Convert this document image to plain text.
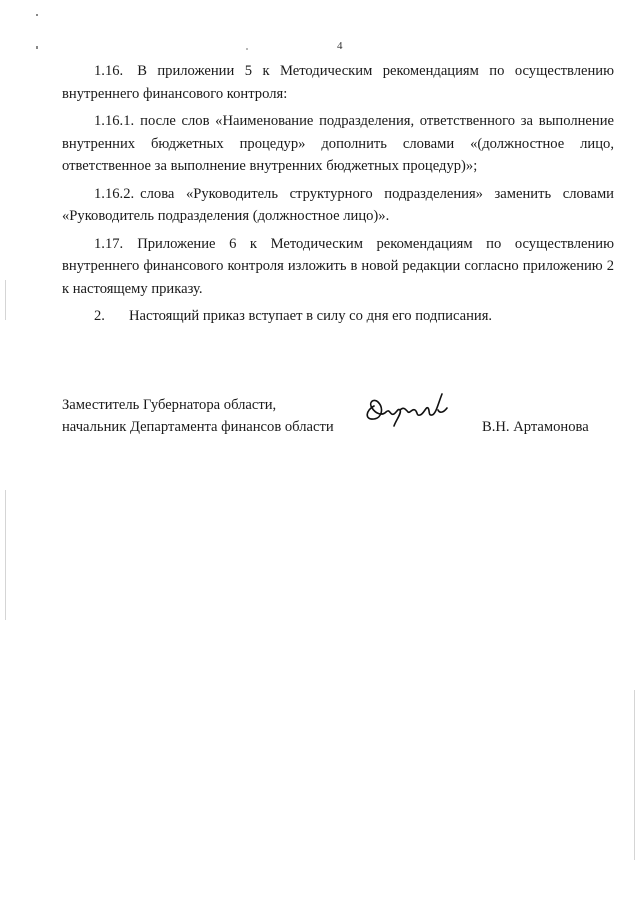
4

1.16. В приложении 5 к Методическим рекомендациям по осуществлению внутреннего финансового контроля:

1.16.1. после слов «Наименование подразделения, ответственного за выполнение внутренних бюджетных процедур» дополнить словами «(должностное лицо, ответственное за выполнение внутренних бюджетных процедур)»;

1.16.2. слова «Руководитель структурного подразделения» заменить словами «Руководитель подразделения (должностное лицо)».

1.17. Приложение 6 к Методическим рекомендациям по осуществлению внутреннего финансового контроля изложить в новой редакции согласно приложению 2 к настоящему приказу.

2. Настоящий приказ вступает в силу со дня его подписания.

Заместитель Губернатора области,
начальник Департамента финансов области	В.Н. Артамонова
